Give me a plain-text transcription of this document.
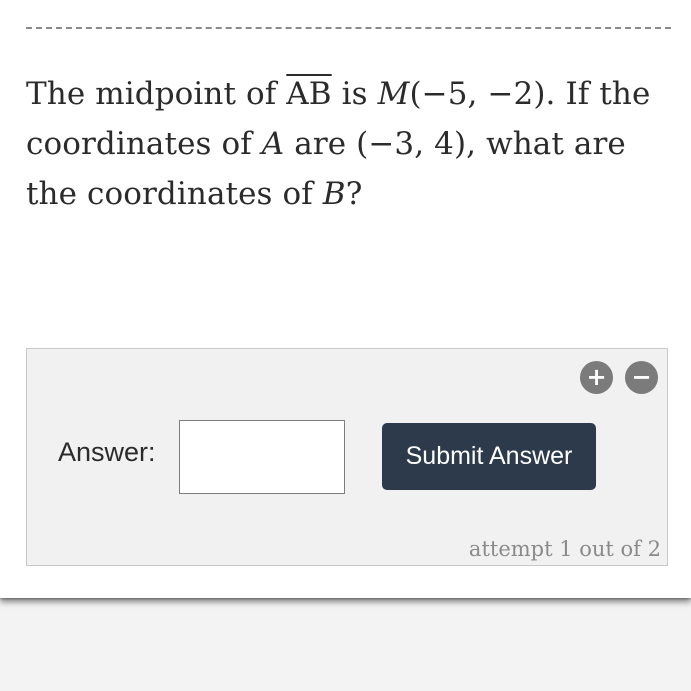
The midpoint of $\overline{AB}$ is M(−5, −2). If the coordinates of A are (−3, 4), what are the coordinates of B?
+ −
Answer:	Submit Answer
attempt 1 out of 2
